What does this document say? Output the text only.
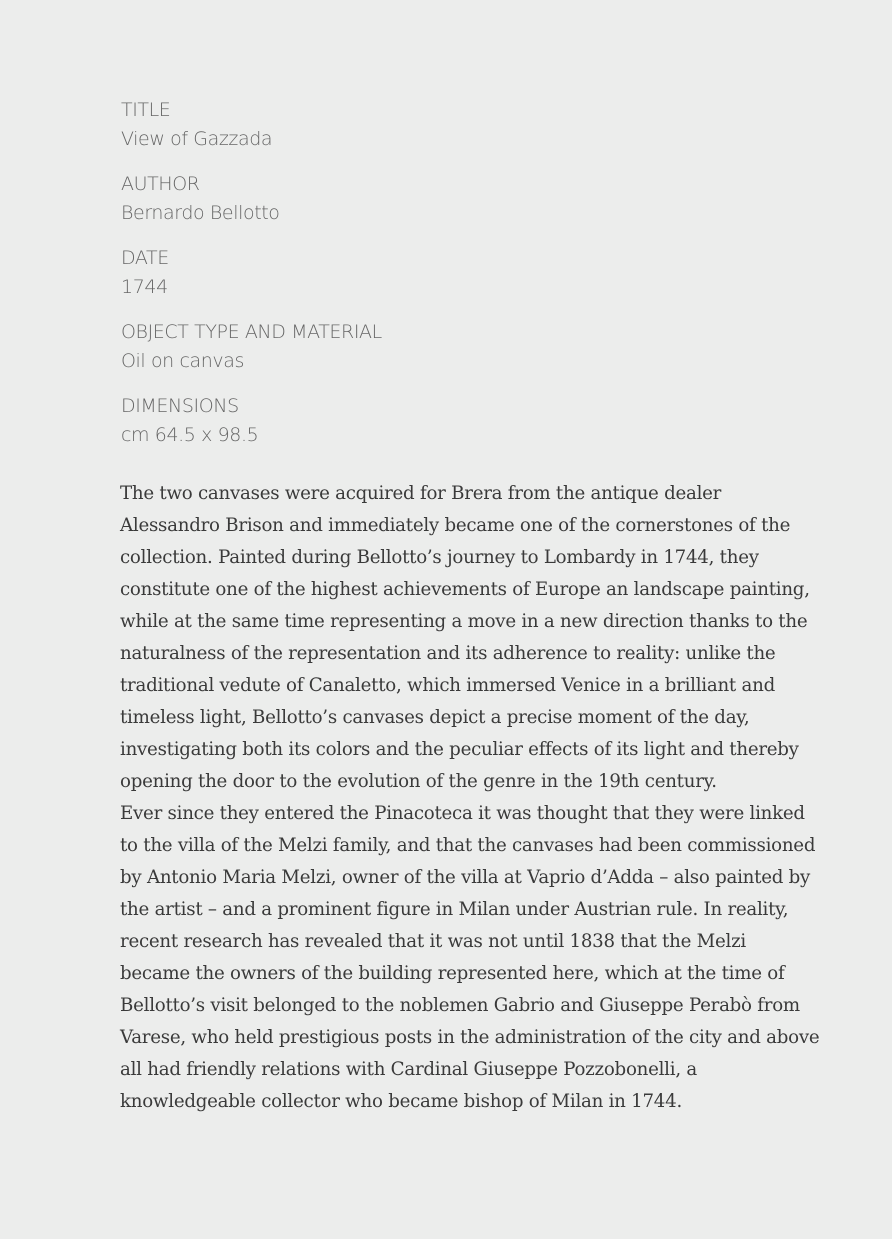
TITLE
View of Gazzada
AUTHOR
Bernardo Bellotto
DATE
1744
OBJECT TYPE AND MATERIAL
Oil on canvas
DIMENSIONS
cm 64.5 x 98.5

The two canvases were acquired for Brera from the antique dealer Alessandro Brison and immediately became one of the cornerstones of the collection. Painted during Bellotto’s journey to Lombardy in 1744, they constitute one of the highest achievements of Europe an landscape painting, while at the same time representing a move in a new direction thanks to the naturalness of the representation and its adherence to reality: unlike the traditional vedute of Canaletto, which immersed Venice in a brilliant and timeless light, Bellotto’s canvases depict a precise moment of the day, investigating both its colors and the peculiar effects of its light and thereby opening the door to the evolution of the genre in the 19th century.

Ever since they entered the Pinacoteca it was thought that they were linked to the villa of the Melzi family, and that the canvases had been commissioned by Antonio Maria Melzi, owner of the villa at Vaprio d’Adda – also painted by the artist – and a prominent figure in Milan under Austrian rule. In reality, recent research has revealed that it was not until 1838 that the Melzi became the owners of the building represented here, which at the time of Bellotto’s visit belonged to the noblemen Gabrio and Giuseppe Perabò from Varese, who held prestigious posts in the administration of the city and above all had friendly relations with Cardinal Giuseppe Pozzobonelli, a knowledgeable collector who became bishop of Milan in 1744.
